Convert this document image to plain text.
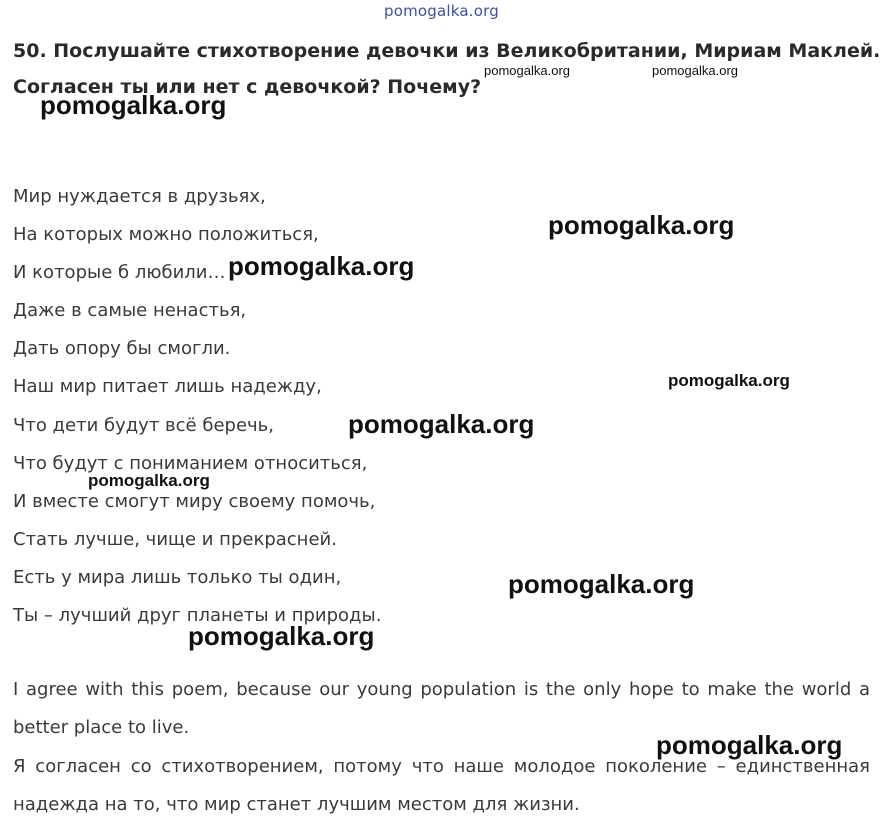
pomogalka.org
50. Послушайте стихотворение девочки из Великобритании, Мириам Маклей.
Согласен ты или нет с девочкой? Почему?
Мир нуждается в друзьях,
На которых можно положиться,
И которые б любили…
Даже в самые ненастья,
Дать опору бы смогли.
Наш мир питает лишь надежду,
Что дети будут всё беречь,
Что будут с пониманием относиться,
И вместе смогут миру своему помочь,
Стать лучше, чище и прекрасней.
Есть у мира лишь только ты один,
Ты – лучший друг планеты и природы.

I agree with this poem, because our young population is the only hope to make the world a better place to live.

Я согласен со стихотворением, потому что наше молодое поколение – единственная надежда на то, что мир станет лучшим местом для жизни.

pomogalka.org	pomogalka.org
pomogalka.org
pomogalka.org
pomogalka.org
pomogalka.org
pomogalka.org
pomogalka.org
pomogalka.org
pomogalka.org
pomogalka.org
